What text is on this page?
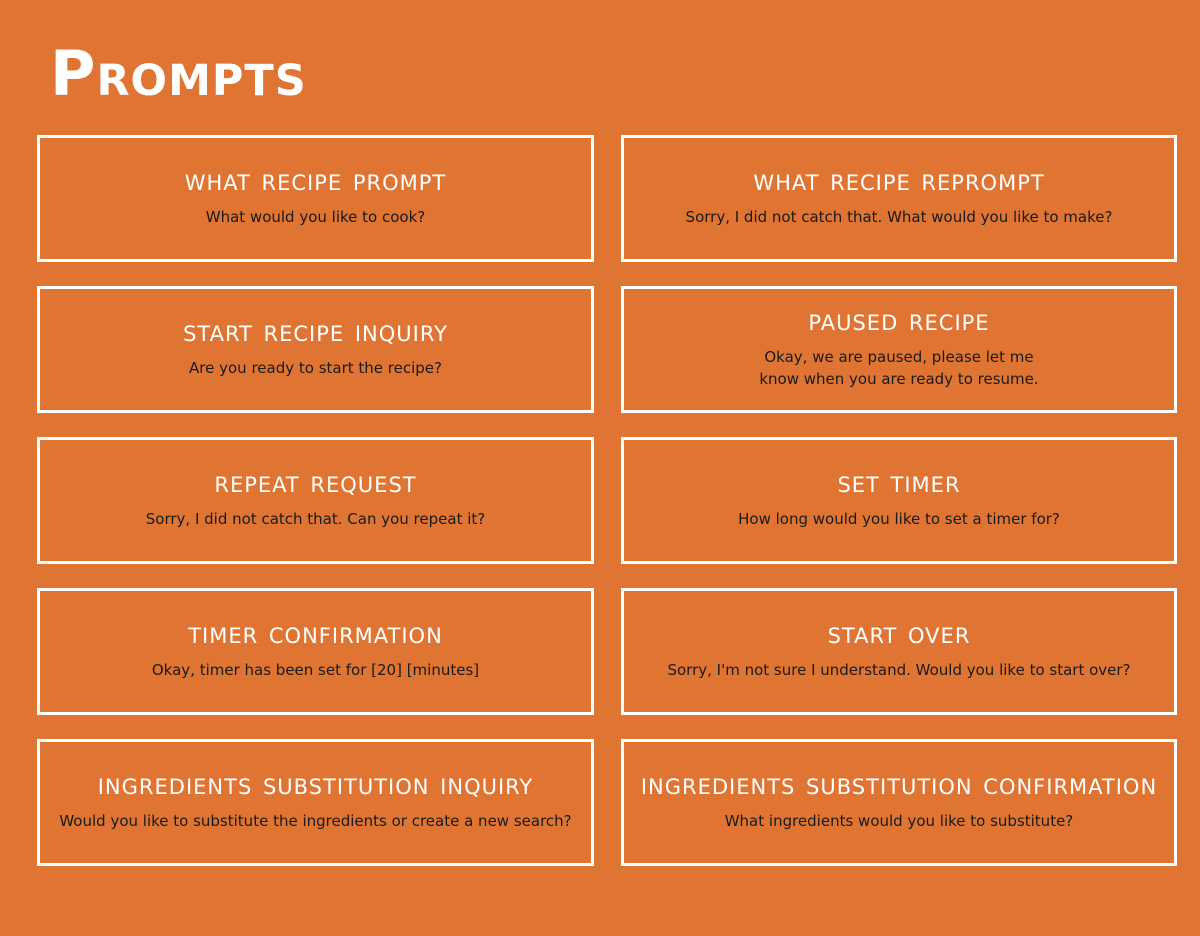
Prompts
WHAT RECIPE PROMPT
What would you like to cook?
WHAT RECIPE REPROMPT
Sorry, I did not catch that. What would you like to make?
START RECIPE INQUIRY
Are you ready to start the recipe?
PAUSED RECIPE
Okay, we are paused, please let me
know when you are ready to resume.
REPEAT REQUEST
Sorry, I did not catch that. Can you repeat it?
SET TIMER
How long would you like to set a timer for?
TIMER CONFIRMATION
Okay, timer has been set for [20] [minutes]
START OVER
Sorry, I'm not sure I understand. Would you like to start over?
INGREDIENTS SUBSTITUTION INQUIRY
Would you like to substitute the ingredients or create a new search?
INGREDIENTS SUBSTITUTION CONFIRMATION
What ingredients would you like to substitute?
